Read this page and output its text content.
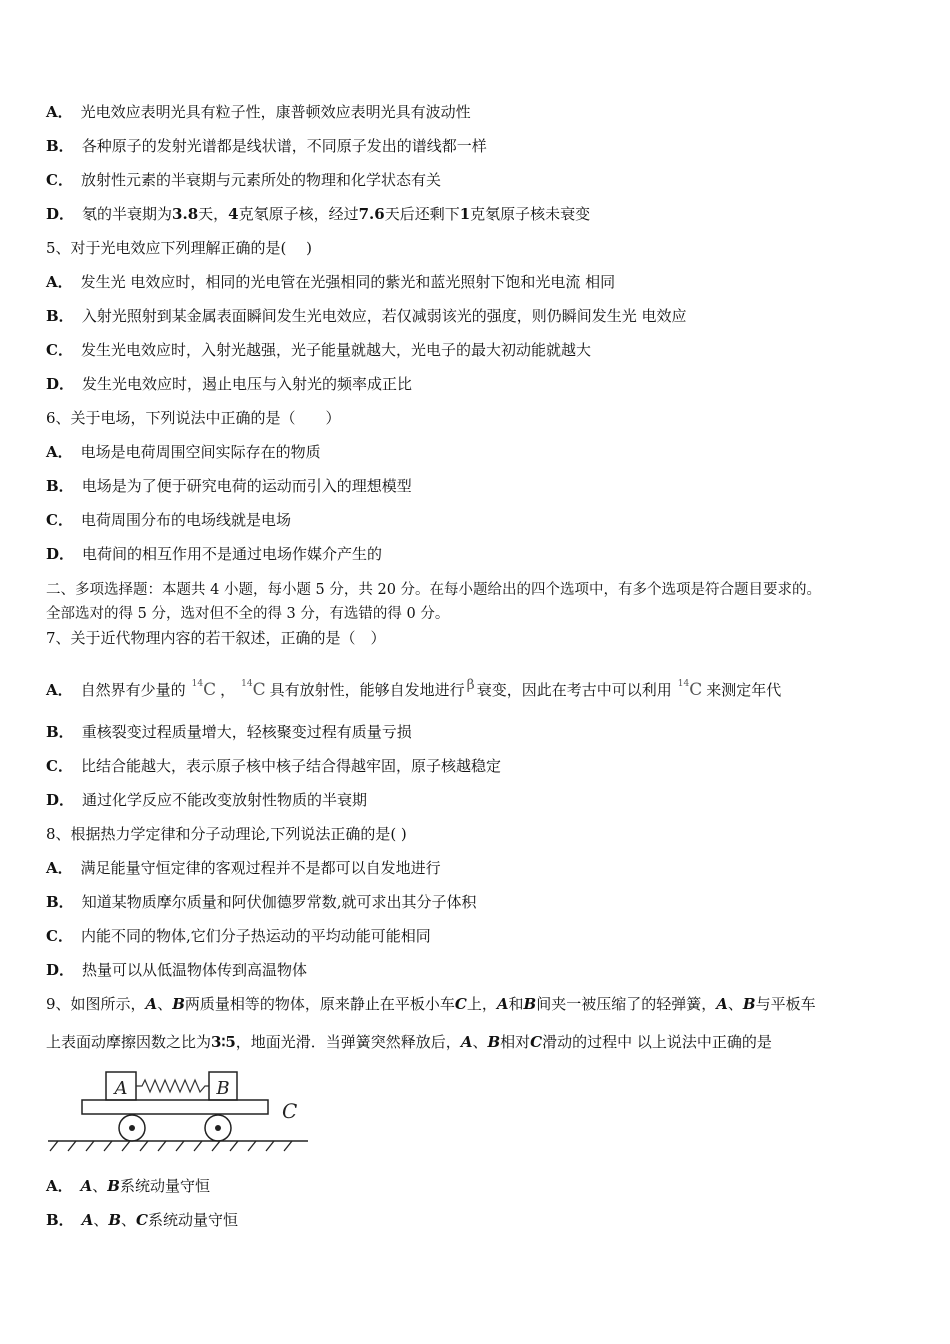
A． 光电效应表明光具有粒子性，康普顿效应表明光具有波动性
B． 各种原子的发射光谱都是线状谱，不同原子发出的谱线都一样
C． 放射性元素的半衰期与元素所处的物理和化学状态有关
D． 氡的半衰期为3.8天，4克氡原子核，经过7.6天后还剩下1克氡原子核未衰变
5、对于光电效应下列理解正确的是(　 )
A． 发生光 电效应时，相同的光电管在光强相同的紫光和蓝光照射下饱和光电流 相同
B． 入射光照射到某金属表面瞬间发生光电效应，若仅减弱该光的强度，则仍瞬间发生光 电效应
C． 发生光电效应时，入射光越强，光子能量就越大，光电子的最大初动能就越大
D． 发生光电效应时，遏止电压与入射光的频率成正比
6、关于电场，下列说法中正确的是（　　）
A． 电场是电荷周围空间实际存在的物质
B． 电场是为了便于研究电荷的运动而引入的理想模型
C． 电荷周围分布的电场线就是电场
D． 电荷间的相互作用不是通过电场作媒介产生的
二、多项选择题：本题共 4 小题，每小题 5 分，共 20 分。在每小题给出的四个选项中，有多个选项是符合题目要求的。
全部选对的得 5 分，选对但不全的得 3 分，有选错的得 0 分。
7、关于近代物理内容的若干叙述，正确的是（　）
A． 自然界有少量的 $^{14}$C ， $^{14}$C 具有放射性，能够自发地进行 β 衰变，因此在考古中可以利用 $^{14}$C 来测定年代
B． 重核裂变过程质量增大，轻核聚变过程有质量亏损
C． 比结合能越大，表示原子核中核子结合得越牢固，原子核越稳定
D． 通过化学反应不能改变放射性物质的半衰期
8、根据热力学定律和分子动理论,下列说法正确的是( )
A． 满足能量守恒定律的客观过程并不是都可以自发地进行
B． 知道某物质摩尔质量和阿伏伽德罗常数,就可求出其分子体积
C． 内能不同的物体,它们分子热运动的平均动能可能相同
D． 热量可以从低温物体传到高温物体
9、如图所示，A、B两质量相等的物体，原来静止在平板小车C上，A和B间夹一被压缩了的轻弹簧，A、B与平板车
上表面动摩擦因数之比为3∶5，地面光滑．当弹簧突然释放后，A、B相对C滑动的过程中 以上说法中正确的是
A	B
C
A． A、B系统动量守恒
B． A、B、C系统动量守恒
